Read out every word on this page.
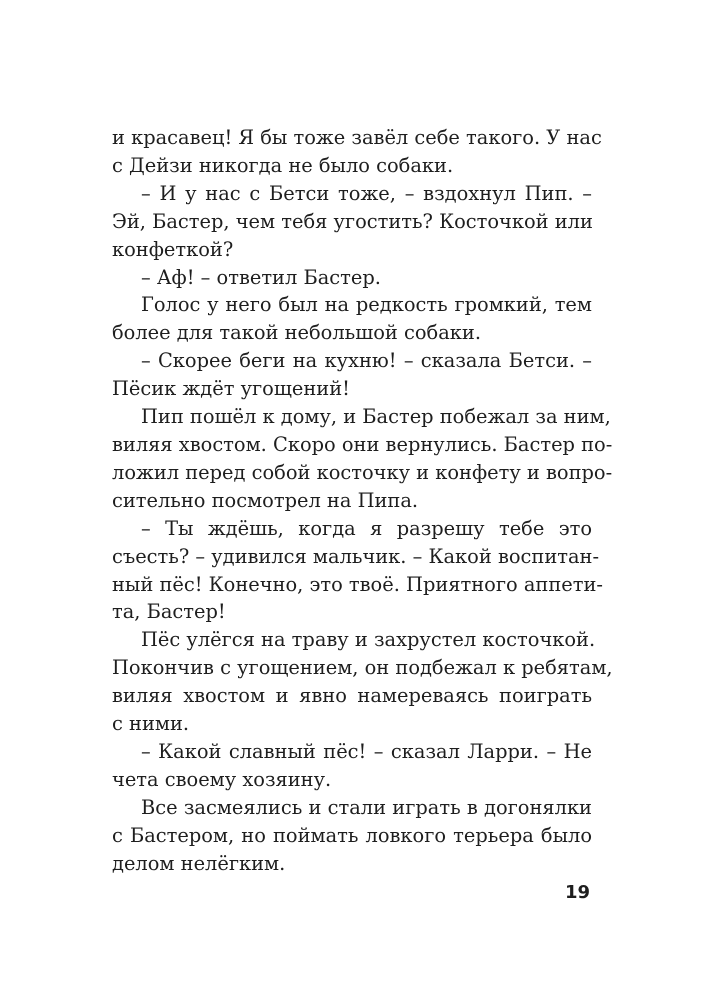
и красавец! Я бы тоже завёл себе такого. У нас
с Дейзи никогда не было собаки.
– И у нас с Бетси тоже, – вздохнул Пип. –
Эй, Бастер, чем тебя угостить? Косточкой или
конфеткой?
– Аф! – ответил Бастер.
Голос у него был на редкость громкий, тем
более для такой небольшой собаки.
– Скорее беги на кухню! – сказала Бетси. –
Пёсик ждёт угощений!
Пип пошёл к дому, и Бастер побежал за ним,
виляя хвостом. Скоро они вернулись. Бастер по-
ложил перед собой косточку и конфету и вопро-
сительно посмотрел на Пипа.
– Ты ждёшь, когда я разрешу тебе это
съесть? – удивился мальчик. – Какой воспитан-
ный пёс! Конечно, это твоё. Приятного аппети-
та, Бастер!
Пёс улёгся на траву и захрустел косточкой.
Покончив с угощением, он подбежал к ребятам,
виляя хвостом и явно намереваясь поиграть
с ними.
– Какой славный пёс! – сказал Ларри. – Не
чета своему хозяину.
Все засмеялись и стали играть в догонялки
с Бастером, но поймать ловкого терьера было
делом нелёгким.
19
